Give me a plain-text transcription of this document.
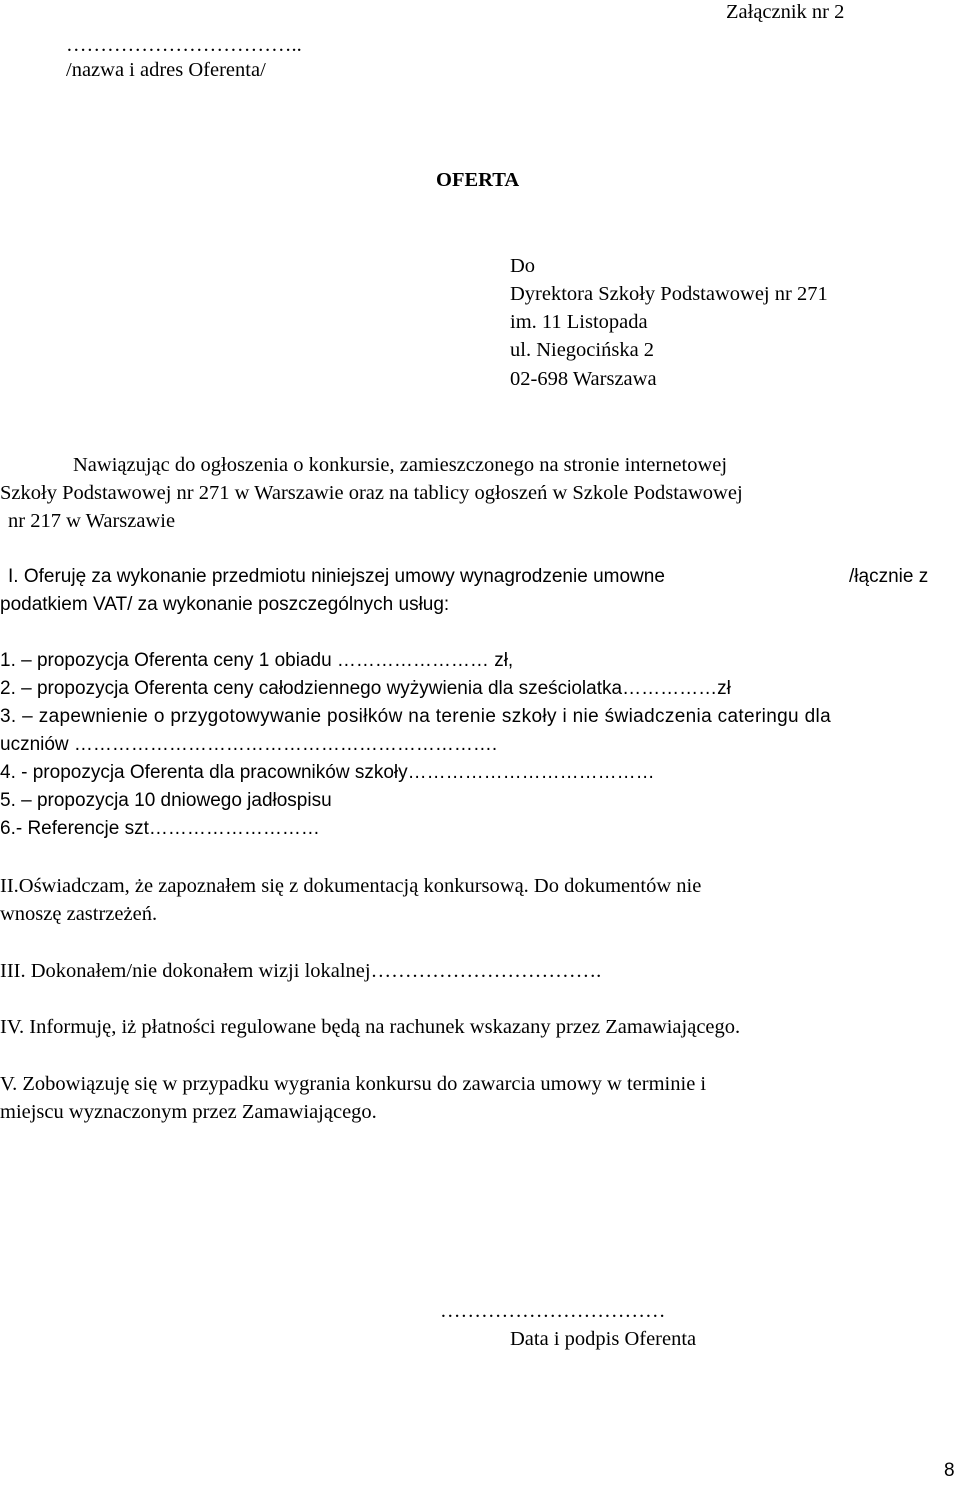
Załącznik nr 2
……………………………..
/nazwa i adres Oferenta/
OFERTA
Do
Dyrektora Szkoły Podstawowej nr 271
im. 11 Listopada
ul. Niegocińska 2
02-698 Warszawa
Nawiązując do ogłoszenia o konkursie, zamieszczonego na stronie internetowej
Szkoły Podstawowej nr 271 w Warszawie oraz na tablicy ogłoszeń w Szkole Podstawowej
nr 217 w Warszawie
I. Oferuję za wykonanie przedmiotu niniejszej umowy wynagrodzenie umowne	/łącznie z
podatkiem VAT/ za wykonanie poszczególnych usług:
1. – propozycja Oferenta ceny 1 obiadu …………………… zł,
2. – propozycja Oferenta ceny całodziennego wyżywienia dla sześciolatka……………zł
3. – zapewnienie o przygotowywanie posiłków na terenie szkoły i nie świadczenia cateringu dla
uczniów ………………………………………………………….
4. - propozycja Oferenta dla pracowników szkoły…………………………………
5. – propozycja 10 dniowego jadłospisu
6.- Referencje szt………………………
II.Oświadczam, że zapoznałem się z dokumentacją konkursową. Do dokumentów nie
wnoszę zastrzeżeń.
III. Dokonałem/nie dokonałem wizji lokalnej…………………………….
IV. Informuję, iż płatności regulowane będą na rachunek wskazany przez Zamawiającego.
V. Zobowiązuję się w przypadku wygrania konkursu do zawarcia umowy w terminie i
miejscu wyznaczonym przez Zamawiającego.
……………………………
Data i podpis Oferenta
8
